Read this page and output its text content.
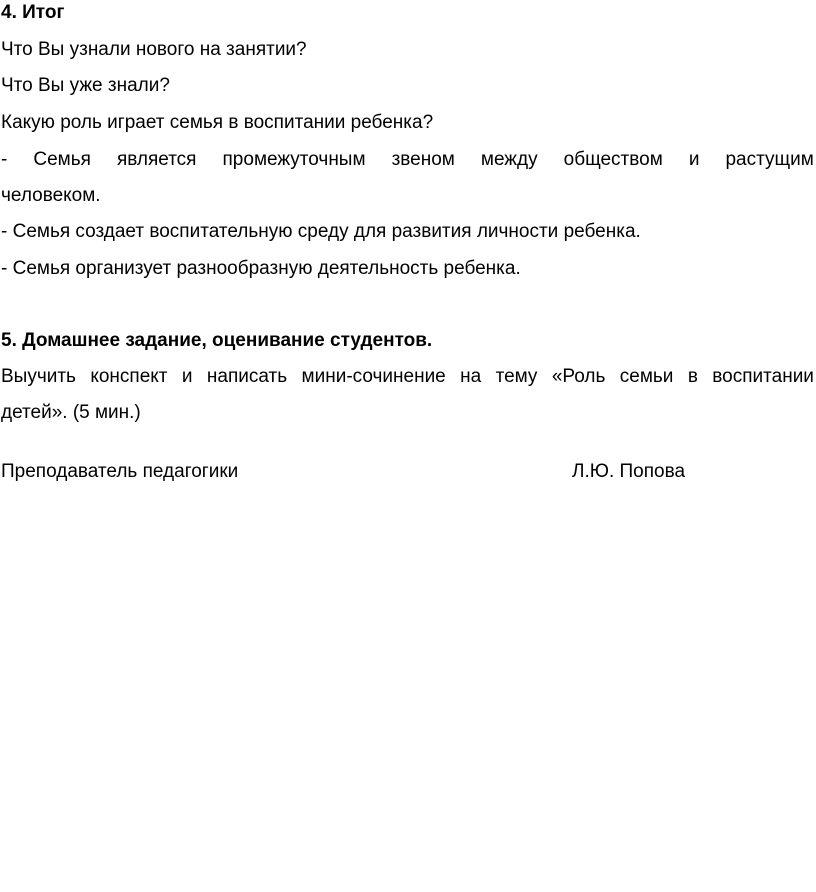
4. Итог
Что Вы узнали нового на занятии?
Что Вы уже знали?
Какую роль играет семья в воспитании ребенка?
- Семья является промежуточным звеном между обществом и растущим
человеком.
- Семья создает воспитательную среду для развития личности ребенка.
- Семья организует разнообразную деятельность ребенка.
5. Домашнее задание, оценивание студентов.
Выучить конспект и написать мини-сочинение на тему «Роль семьи в воспитании
детей». (5 мин.)
Преподаватель педагогики	Л.Ю. Попова
